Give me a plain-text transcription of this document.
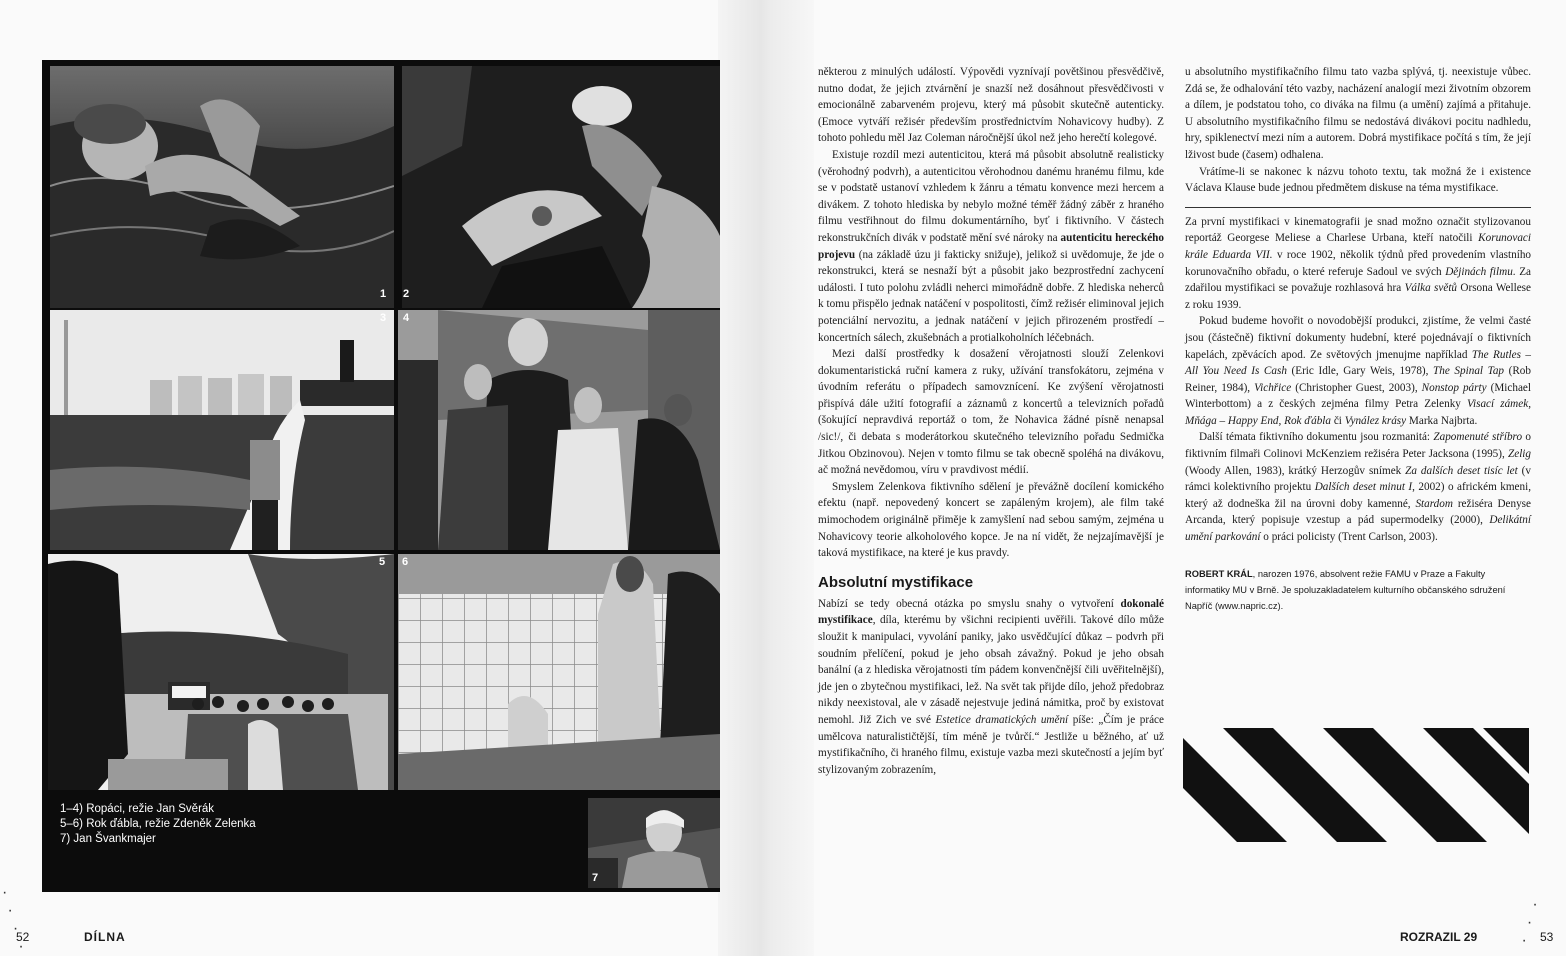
1 2
3 4
5 6
7
1–4) Ropáci, režie Jan Svěrák
5–6) Rok ďábla, režie Zdeněk Zelenka
7) Jan Švankmajer

některou z minulých událostí. Výpovědi vyznívají povětšinou přesvědčivě, nutno dodat, že jejich ztvárnění je snazší než dosáhnout přesvědčivosti v emocionálně zabarveném projevu, který má působit skutečně autenticky. (Emoce vytváří režisér především prostřednictvím Nohavicovy hudby). Z tohoto pohledu měl Jaz Coleman náročnější úkol než jeho herečtí kolegové.

Existuje rozdíl mezi autenticitou, která má působit absolutně realisticky (věrohodný podvrh), a autenticitou věrohodnou danému hranému filmu, kde se v podstatě ustanoví vzhledem k žánru a tématu konvence mezi hercem a divákem. Z tohoto hlediska by nebylo možné téměř žádný záběr z hraného filmu vestřihnout do filmu dokumentárního, byť i fiktivního. V částech rekonstrukčních divák v podstatě mění své nároky na autenticitu hereckého projevu (na základě úzu ji fakticky snižuje), jelikož si uvědomuje, že jde o rekonstrukci, která se nesnaží být a působit jako bezprostřední zachycení události. I tuto polohu zvládli neherci mimořádně dobře. Z hlediska neherců k tomu přispělo jednak natáčení v pospolitosti, čímž režisér eliminoval jejich potenciální nervozitu, a jednak natáčení v jejich přirozeném prostředí – koncertních sálech, zkušebnách a protialkoholních léčebnách.

Mezi další prostředky k dosažení věrojatnosti slouží Zelenkovi dokumentaristická ruční kamera z ruky, užívání transfokátoru, zejména v úvodním referátu o případech samovznícení. Ke zvýšení věrojatnosti přispívá dále užití fotografií a záznamů z koncertů a televizních pořadů (šokující nepravdivá reportáž o tom, že Nohavica žádné písně nenapsal /sic!/, či debata s moderátorkou skutečného televizního pořadu Sedmička Jitkou Obzinovou). Nejen v tomto filmu se tak obecně spoléhá na divákovu, ač možná nevědomou, víru v pravdivost médií.

Smyslem Zelenkova fiktivního sdělení je převážně docílení komického efektu (např. nepovedený koncert se zapáleným krojem), ale film také mimochodem originálně přiměje k zamyšlení nad sebou samým, zejména u Nohavicovy teorie alkoholového kopce. Je na ní vidět, že nejzajímavější je taková mystifikace, na které je kus pravdy.

Absolutní mystifikace

Nabízí se tedy obecná otázka po smyslu snahy o vytvoření dokonalé mystifikace, díla, kterému by všichni recipienti uvěřili. Takové dílo může sloužit k manipulaci, vyvolání paniky, jako usvědčující důkaz – podvrh při soudním přelíčení, pokud je jeho obsah závažný. Pokud je jeho obsah banální (a z hlediska věrojatnosti tím pádem konvenčnější čili uvěřitelnější), jde jen o zbytečnou mystifikaci, lež. Na svět tak přijde dílo, jehož předobraz nikdy neexistoval, ale v zásadě nejestvuje jediná námitka, proč by existovat nemohl. Již Zich ve své Estetice dramatických umění píše: „Čím je práce umělcova naturalističtější, tím méně je tvůrčí.“ Jestliže u běžného, ať už mystifikačního, či hraného filmu, existuje vazba mezi skutečností a jejím byť stylizovaným zobrazením,

u absolutního mystifikačního filmu tato vazba splývá, tj. neexistuje vůbec. Zdá se, že odhalování této vazby, nacházení analogií mezi životním obzorem a dílem, je podstatou toho, co diváka na filmu (a umění) zajímá a přitahuje. U absolutního mystifikačního filmu se nedostává divákovi pocitu nadhledu, hry, spiklenectví mezi ním a autorem. Dobrá mystifikace počítá s tím, že její lživost bude (časem) odhalena.

Vrátíme-li se nakonec k názvu tohoto textu, tak možná že i existence Václava Klause bude jednou předmětem diskuse na téma mystifikace.

Za první mystifikaci v kinematografii je snad možno označit stylizovanou reportáž Georgese Meliese a Charlese Urbana, kteří natočili Korunovaci krále Eduarda VII. v roce 1902, několik týdnů před provedením vlastního korunovačního obřadu, o které referuje Sadoul ve svých Dějinách filmu. Za zdařilou mystifikaci se považuje rozhlasová hra Válka světů Orsona Wellese z roku 1939.

Pokud budeme hovořit o novodobější produkci, zjistíme, že velmi časté jsou (částečně) fiktivní dokumenty hudební, které pojednávají o fiktivních kapelách, zpěvácích apod. Ze světových jmenujme například The Rutles – All You Need Is Cash (Eric Idle, Gary Weis, 1978), The Spinal Tap (Rob Reiner, 1984), Vichřice (Christopher Guest, 2003), Nonstop párty (Michael Winterbottom) a z českých zejména filmy Petra Zelenky Visací zámek, Mňága – Happy End, Rok ďábla či Vynález krásy Marka Najbrta.

Další témata fiktivního dokumentu jsou rozmanitá: Zapomenuté stříbro o fiktivním filmaři Colinovi McKenziem režiséra Peter Jacksona (1995), Zelig (Woody Allen, 1983), krátký Herzogův snímek Za dalších deset tisíc let (v rámci kolektivního projektu Dalších deset minut I, 2002) o africkém kmeni, který až dodneška žil na úrovni doby kamenné, Stardom režiséra Denyse Arcanda, který popisuje vzestup a pád supermodelky (2000), Delikátní umění parkování o práci policisty (Trent Carlson, 2003).

ROBERT KRÁL, narozen 1976, absolvent režie FAMU v Praze a Fakulty informatiky MU v Brně. Je spoluzakladatelem kulturního občanského sdružení Napříč (www.napric.cz).
·
·
·
·
52	DÍLNA	ROZRAZIL 29	53
·
·
·
